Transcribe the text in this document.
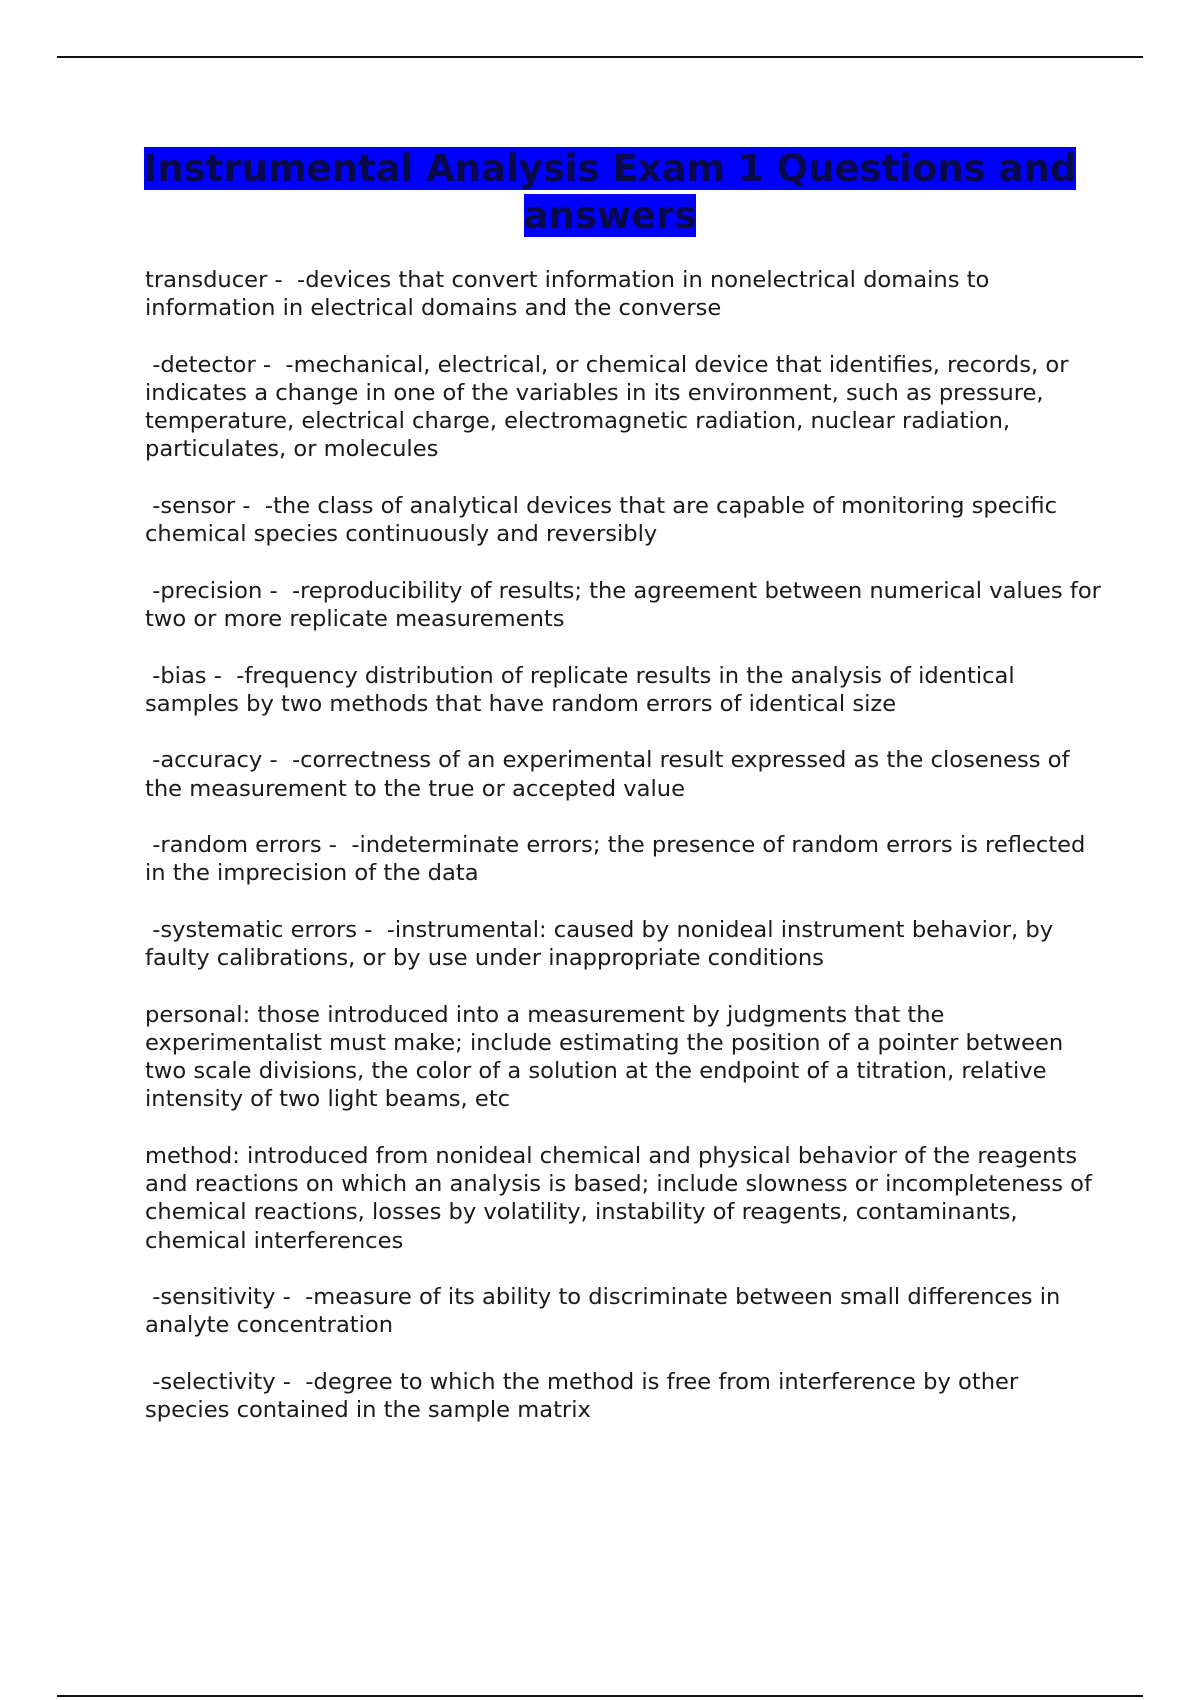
Instrumental Analysis Exam 1 Questions and answers

transducer -  -devices that convert information in nonelectrical domains to information in electrical domains and the converse

-detector -  -mechanical, electrical, or chemical device that identifies, records, or indicates a change in one of the variables in its environment, such as pressure, temperature, electrical charge, electromagnetic radiation, nuclear radiation, particulates, or molecules

-sensor -  -the class of analytical devices that are capable of monitoring specific chemical species continuously and reversibly

-precision -  -reproducibility of results; the agreement between numerical values for two or more replicate measurements

-bias -  -frequency distribution of replicate results in the analysis of identical samples by two methods that have random errors of identical size

-accuracy -  -correctness of an experimental result expressed as the closeness of the measurement to the true or accepted value

-random errors -  -indeterminate errors; the presence of random errors is reflected in the imprecision of the data

-systematic errors -  -instrumental: caused by nonideal instrument behavior, by faulty calibrations, or by use under inappropriate conditions

personal: those introduced into a measurement by judgments that the experimentalist must make; include estimating the position of a pointer between two scale divisions, the color of a solution at the endpoint of a titration, relative intensity of two light beams, etc

method: introduced from nonideal chemical and physical behavior of the reagents and reactions on which an analysis is based; include slowness or incompleteness of chemical reactions, losses by volatility, instability of reagents, contaminants, chemical interferences

-sensitivity -  -measure of its ability to discriminate between small differences in analyte concentration

-selectivity -  -degree to which the method is free from interference by other species contained in the sample matrix
